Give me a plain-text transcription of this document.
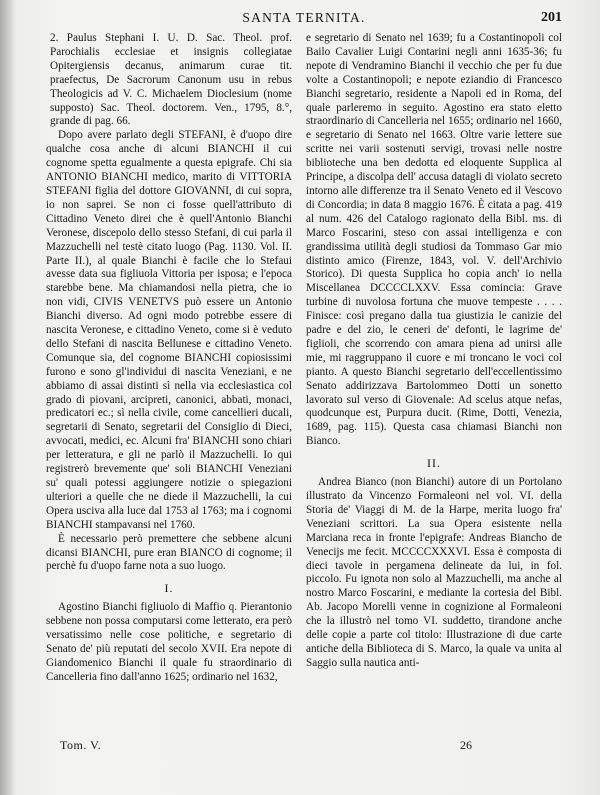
SANTA TERNITA.	201

2. Paulus Stephani I. U. D. Sac. Theol. prof. Parochialis ecclesiae et insignis collegiatae Opitergiensis decanus, animarum curae tit. praefectus, De Sacrorum Canonum usu in rebus Theologicis ad V. C. Michaelem Dioclesium (nome supposto) Sac. Theol. doctorem. Ven., 1795, 8.°, grande di pag. 66.

Dopo avere parlato degli STEFANI, è d'uopo dire qualche cosa anche di alcuni BIANCHI il cui cognome spetta egualmente a questa epigrafe. Chi sia ANTONIO BIANCHI medico, marito di VITTORIA STEFANI figlia del dottore GIOVANNI, di cui sopra, io non saprei. Se non ci fosse quell'attributo di Cittadino Veneto direi che è quell'Antonio Bianchi Veronese, discepolo dello stesso Stefani, di cui parla il Mazzuchelli nel testè citato luogo (Pag. 1130. Vol. II. Parte II.), al quale Bianchi è facile che lo Stefaui avesse data sua figliuola Vittoria per isposa; e l'epoca starebbe bene. Ma chiamandosi nella pietra, che io non vidi, CIVIS VENETVS può essere un Antonio Bianchi diverso. Ad ogni modo potrebbe essere di nascita Veronese, e cittadino Veneto, come si è veduto dello Stefani di nascita Bellunese e cittadino Veneto. Comunque sia, del cognome BIANCHI copiosissimi furono e sono gl'individui di nascita Veneziani, e ne abbiamo di assai distinti sì nella via ecclesiastica col grado di piovani, arcipreti, canonici, abbati, monaci, predicatori ec.; sì nella civile, come cancellieri ducali, segretarii di Senato, segretarii del Consiglio di Dieci, avvocati, medici, ec. Alcuni fra' BIANCHI sono chiari per letteratura, e gli ne parlò il Mazzuchelli. Io qui registrerò brevemente que' soli BIANCHI Veneziani su' quali potessi aggiungere notizie o spiegazioni ulteriori a quelle che ne diede il Mazzuchelli, la cui Opera usciva alla luce dal 1753 al 1763; ma i cognomi BIANCHI stampavansi nel 1760.

È necessario però premettere che sebbene alcuni dicansi BIANCHI, pure eran BIANCO di cognome; il perchè fu d'uopo farne nota a suo luogo.

I.

Agostino Bianchi figliuolo di Maffio q. Pierantonio sebbene non possa computarsi come letterato, era però versatissimo nelle cose politiche, e segretario di Senato de' più reputati del secolo XVII. Era nepote di Giandomenico Bianchi il quale fu straordinario di Cancelleria fino dall'anno 1625; ordinario nel 1632,

e segretario di Senato nel 1639; fu a Costantinopoli col Bailo Cavalier Luigi Contarini negli anni 1635-36; fu nepote di Vendramino Bianchi il vecchio che per fu due volte a Costantinopoli; e nepote eziandio di Francesco Bianchi segretario, residente a Napoli ed in Roma, del quale parleremo in seguito. Agostino era stato eletto straordinario di Cancelleria nel 1655; ordinario nel 1660, e segretario di Senato nel 1663. Oltre varie lettere sue scritte nei varii sostenuti servigi, trovasi nelle nostre biblioteche una ben dedotta ed eloquente Supplica al Principe, a discolpa dell' accusa datagli di violato secreto intorno alle differenze tra il Senato Veneto ed il Vescovo di Concordia; in data 8 maggio 1676. È citata a pag. 419 al num. 426 del Catalogo ragionato della Bibl. ms. di Marco Foscarini, steso con assai intelligenza e con grandissima utilità degli studiosi da Tommaso Gar mio distinto amico (Firenze, 1843, vol. V. dell'Archivio Storico). Di questa Supplica ho copia anch' io nella Miscellanea DCCCCLXXV. Essa comincia: Grave turbine di nuvolosa fortuna che muove tempeste . . . . Finisce: così pregano dalla tua giustizia le canizie del padre e del zio, le ceneri de' defonti, le lagrime de' figlioli, che scorrendo con amara piena ad unirsi alle mie, mi raggruppano il cuore e mi troncano le voci col pianto. A questo Bianchi segretario dell'eccellentissimo Senato addirizzava Bartolommeo Dotti un sonetto lavorato sul verso di Giovenale: Ad scelus atque nefas, quodcunque est, Purpura ducit. (Rime, Dotti, Venezia, 1689, pag. 115). Questa casa chiamasi Bianchi non Bianco.

II.

Andrea Bianco (non Bianchi) autore di un Portolano illustrato da Vincenzo Formaleoni nel vol. VI. della Storia de' Viaggi di M. de la Harpe, merita luogo fra' Veneziani scrittori. La sua Opera esistente nella Marciana reca in fronte l'epigrafe: Andreas Biancho de Venecijs me fecit. MCCCCXXXVI. Essa è composta di dieci tavole in pergamena delineate da lui, in fol. piccolo. Fu ignota non solo al Mazzuchelli, ma anche al nostro Marco Foscarini, e mediante la cortesia del Bibl. Ab. Jacopo Morelli venne in cognizione al Formaleoni che la illustrò nel tomo VI. suddetto, tirandone anche delle copie a parte col titolo: Illustrazione di due carte antiche della Biblioteca di S. Marco, la quale va unita al Saggio sulla nautica anti-

Tom. V.	26
